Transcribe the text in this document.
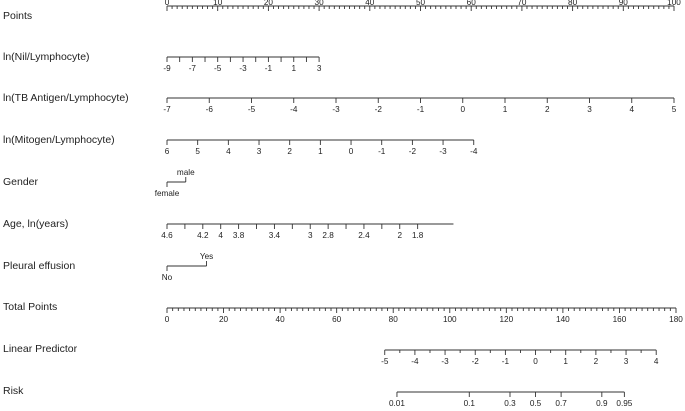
Points
ln(Nil/Lymphocyte)
ln(TB Antigen/Lymphocyte)
ln(Mitogen/Lymphocyte)
Gender
Age, ln(years)
Pleural effusion
Total Points
Linear Predictor
Risk
0	10	20	30	40	50	60	70	80	90	100
-9 -7 -5 -3 -1 1	3
-7	-6	-5	-4	-3	-2	-1	0	1	2	3	4	5
6	5	4	3	2	1	0	-1	-2	-3	-4
female
male
No
Yes
4.6	4.2 4 3.8	3.4	3 2.8	2.4	2 1.8
0	20	40	60	80	100	120	140	160	180
-5	-4	-3	-2	-1	0	1	2	3	4
0.01	0.1	0.3 0.5 0.7	0.9 0.95
